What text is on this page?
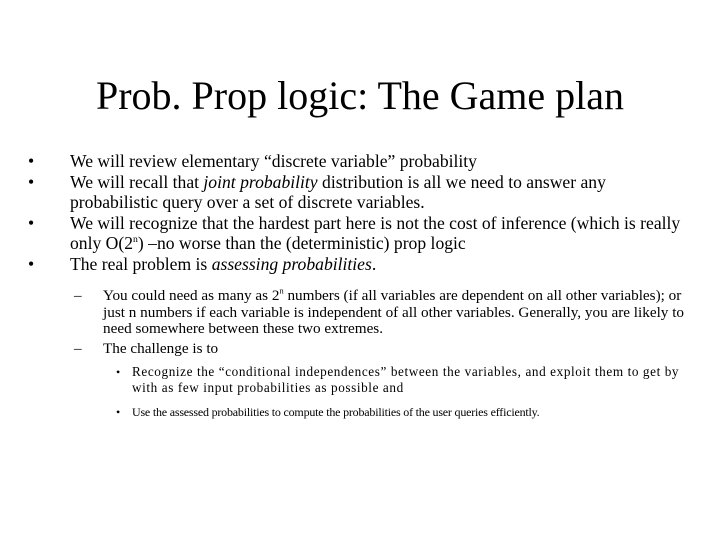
Prob. Prop logic: The Game plan
• We will review elementary “discrete variable” probability
• We will recall that joint probability distribution is all we need to answer any probabilistic query over a set of discrete variables.
• We will recognize that the hardest part here is not the cost of inference (which is really only O(2$^n$) –no worse than the (deterministic) prop logic
• The real problem is assessing probabilities.
– You could need as many as 2$^n$ numbers (if all variables are dependent on all other variables); or just n numbers if each variable is independent of all other variables. Generally, you are likely to need somewhere between these two extremes.
– The challenge is to
• Recognize the “conditional independences” between the variables, and exploit them to get by with as few input probabilities as possible and
• Use the assessed probabilities to compute the probabilities of the user queries efficiently.
